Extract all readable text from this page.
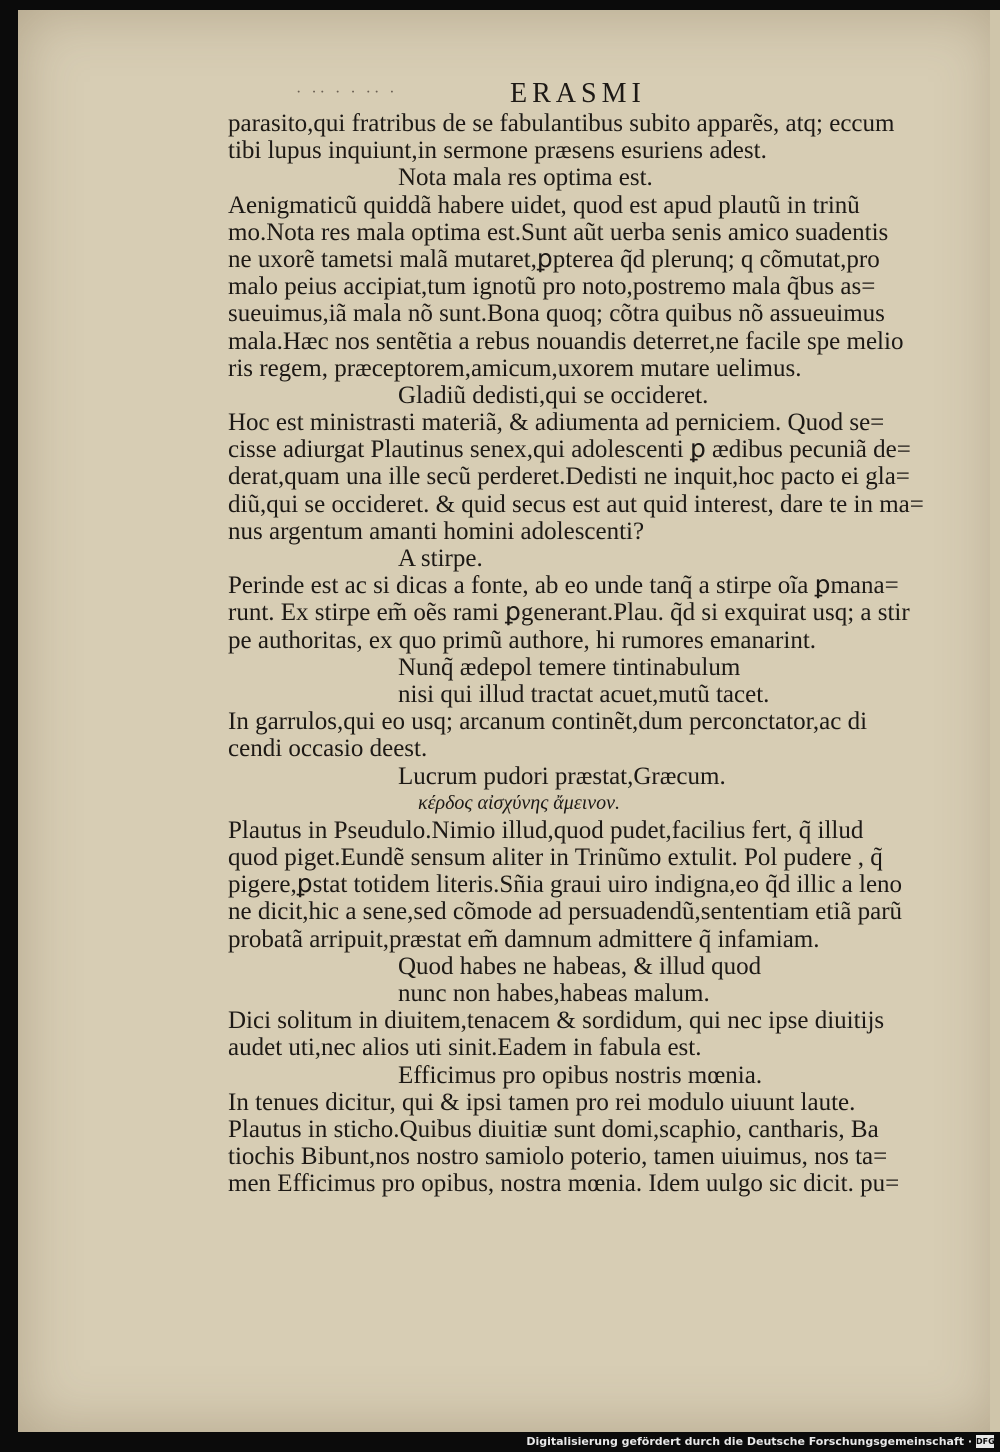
· ·· · · ·· ·	ERASMI
parasito,qui fratribus de se fabulantibus subito apparẽs, atq; eccum
tibi lupus inquiunt,in sermone præsens esuriens adest.
Nota mala res optima est.
Aenigmaticũ quiddã habere uidet, quod est apud plautũ in trinũ
mo.Nota res mala optima est.Sunt aũt uerba senis amico suadentis
ne uxorẽ tametsi malã mutaret,ꝑpterea q̃d plerunq; q cõmutat,pro
malo peius accipiat,tum ignotũ pro noto,postremo mala q̃bus as=
sueuimus,iã mala nõ sunt.Bona quoq; cõtra quibus nõ assueuimus
mala.Hæc nos sentẽtia a rebus nouandis deterret,ne facile spe melio
ris regem, præceptorem,amicum,uxorem mutare uelimus.
Gladiũ dedisti,qui se occideret.
Hoc est ministrasti materiã, & adiumenta ad perniciem. Quod se=
cisse adiurgat Plautinus senex,qui adolescenti ꝑ ædibus pecuniã de=
derat,quam una ille secũ perderet.Dedisti ne inquit,hoc pacto ei gla=
diũ,qui se occideret. & quid secus est aut quid interest, dare te in ma=
nus argentum amanti homini adolescenti?
A stirpe.
Perinde est ac si dicas a fonte, ab eo unde tanq̃ a stirpe oĩa ꝑmana=
runt. Ex stirpe em̃ oẽs rami ꝑgenerant.Plau. q̃d si exquirat usq; a stir
pe authoritas, ex quo primũ authore, hi rumores emanarint.
Nunq̃ ædepol temere tintinabulum
nisi qui illud tractat acuet,mutũ tacet.
In garrulos,qui eo usq; arcanum continẽt,dum perconctator,ac di
cendi occasio deest.
Lucrum pudori præstat,Græcum.
κέρδος αἰσχύνης ἄμεινον.
Plautus in Pseudulo.Nimio illud,quod pudet,facilius fert, q̃ illud
quod piget.Eundẽ sensum aliter in Trinũmo extulit. Pol pudere , q̃
pigere,ꝑstat totidem literis.Sñia graui uiro indigna,eo q̃d illic a leno
ne dicit,hic a sene,sed cõmode ad persuadendũ,sententiam etiã parũ
probatã arripuit,præstat em̃ damnum admittere q̃ infamiam.
Quod habes ne habeas, & illud quod
nunc non habes,habeas malum.
Dici solitum in diuitem,tenacem & sordidum, qui nec ipse diuitijs
audet uti,nec alios uti sinit.Eadem in fabula est.
Efficimus pro opibus nostris mœnia.
In tenues dicitur, qui & ipsi tamen pro rei modulo uiuunt laute.
Plautus in sticho.Quibus diuitiæ sunt domi,scaphio, cantharis, Ba
tiochis Bibunt,nos nostro samiolo poterio, tamen uiuimus, nos ta=
men Efficimus pro opibus, nostra mœnia. Idem uulgo sic dicit. pu=
Digitalisierung gefördert durch die Deutsche Forschungsgemeinschaft · DFG
